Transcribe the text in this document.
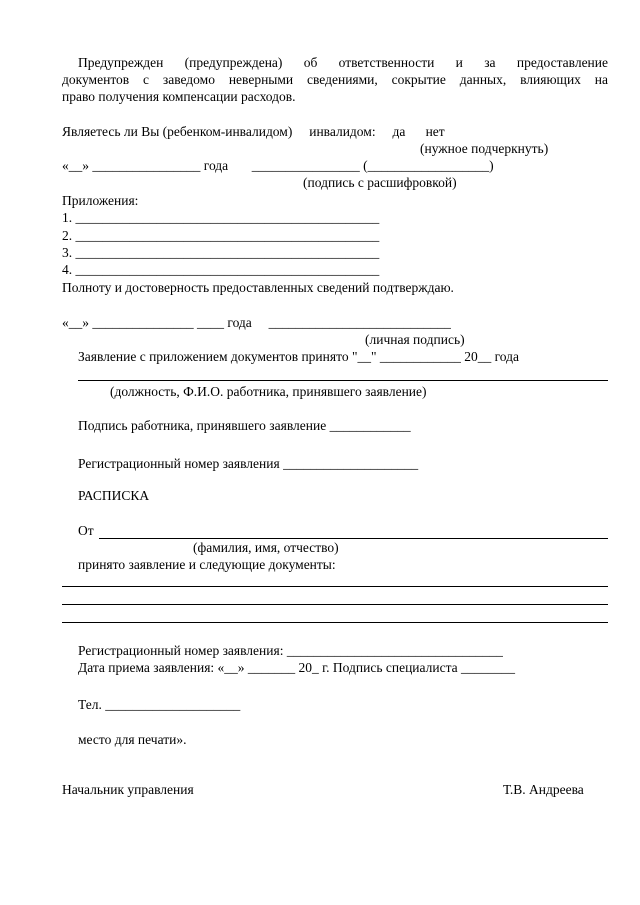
Предупрежден (предупреждена) об ответственности и за предоставление
документов с заведомо неверными сведениями, сокрытие данных, влияющих на
право получения компенсации расходов.
Являетесь ли Вы (ребенком-инвалидом)     инвалидом:     да      нет
(нужное подчеркнуть)
«__» ________________ года       ________________ (__________________)
(подпись с расшифровкой)
Приложения:
1. _____________________________________________
2. _____________________________________________
3. _____________________________________________
4. _____________________________________________
Полноту и достоверность предоставленных сведений подтверждаю.
«__» _______________ ____ года     ___________________________
(личная подпись)
Заявление с приложением документов принято "__" ____________ 20__ года
(должность, Ф.И.О. работника, принявшего заявление)
Подпись работника, принявшего заявление ____________
Регистрационный номер заявления ____________________
РАСПИСКА
От
(фамилия, имя, отчество)
принято заявление и следующие документы:
Регистрационный номер заявления: ________________________________
Дата приема заявления: «__» _______ 20_ г. Подпись специалиста ________
Тел. ____________________
место для печати».
Начальник управления	Т.В. Андреева
